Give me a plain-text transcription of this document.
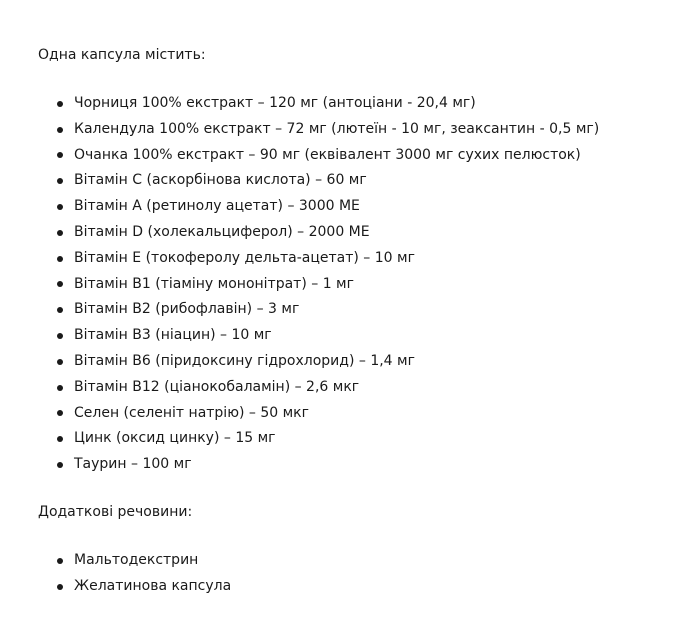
Одна капсула містить:

Чорниця 100% екстракт – 120 мг (антоціани - 20,4 мг)
Календула 100% екстракт – 72 мг (лютеїн - 10 мг, зеаксантин - 0,5 мг)
Очанка 100% екстракт – 90 мг (еквівалент 3000 мг сухих пелюсток)
Вітамін С (аскорбінова кислота) – 60 мг
Вітамін А (ретинолу ацетат) – 3000 МЕ
Вітамін D (холекальциферол) – 2000 МЕ
Вітамін Е (токоферолу дельта-ацетат) – 10 мг
Вітамін В1 (тіаміну мононітрат) – 1 мг
Вітамін В2 (рибофлавін) – 3 мг
Вітамін В3 (ніацин) – 10 мг
Вітамін В6 (піридоксину гідрохлорид) – 1,4 мг
Вітамін В12 (ціанокобаламін) – 2,6 мкг
Селен (селеніт натрію) – 50 мкг
Цинк (оксид цинку) – 15 мг
Таурин – 100 мг

Додаткові речовини:

Мальтодекстрин
Желатинова капсула
